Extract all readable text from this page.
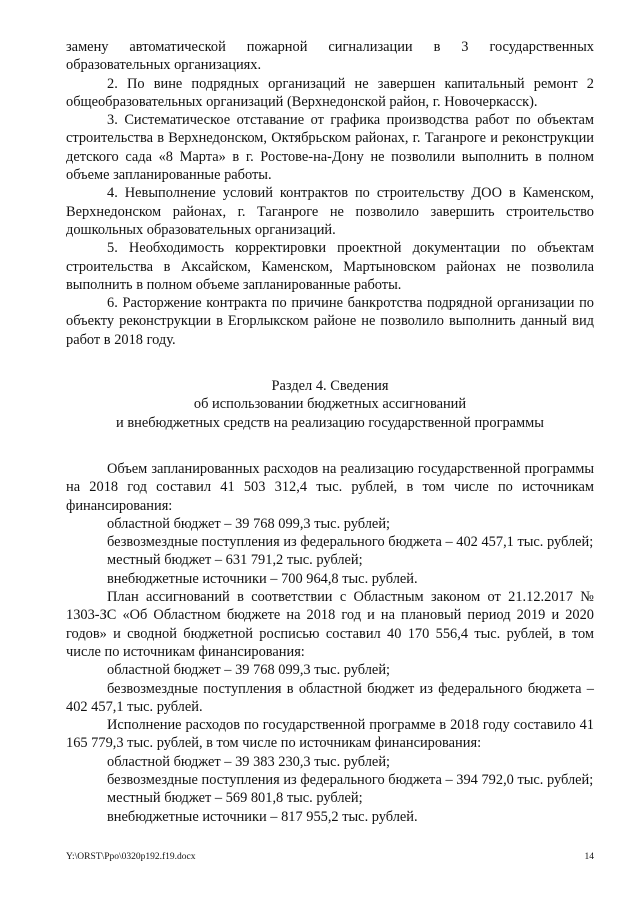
замену автоматической пожарной сигнализации в 3 государственных образовательных организациях.

2. По вине подрядных организаций не завершен капитальный ремонт 2 общеобразовательных организаций (Верхнедонской район, г. Новочеркасск).

3. Систематическое отставание от графика производства работ по объектам строительства в Верхнедонском, Октябрьском районах, г. Таганроге и реконструкции детского сада «8 Марта» в г. Ростове-на-Дону не позволили выполнить в полном объеме запланированные работы.

4. Невыполнение условий контрактов по строительству ДОО в Каменском, Верхнедонском районах, г. Таганроге не позволило завершить строительство дошкольных образовательных организаций.

5. Необходимость корректировки проектной документации по объектам строительства в Аксайском, Каменском, Мартыновском районах не позволила выполнить в полном объеме запланированные работы.

6. Расторжение контракта по причине банкротства подрядной организации по объекту реконструкции в Егорлыкском районе не позволило выполнить данный вид работ в 2018 году.

Раздел 4. Сведения
об использовании бюджетных ассигнований
и внебюджетных средств на реализацию государственной программы

Объем запланированных расходов на реализацию государственной программы на 2018 год составил 41 503 312,4 тыс. рублей, в том числе по источникам финансирования:

областной бюджет – 39 768 099,3 тыс. рублей;

безвозмездные поступления из федерального бюджета – 402 457,1 тыс. рублей;

местный бюджет – 631 791,2 тыс. рублей;

внебюджетные источники – 700 964,8 тыс. рублей.

План ассигнований в соответствии с Областным законом от 21.12.2017 № 1303-ЗС «Об Областном бюджете на 2018 год и на плановый период 2019 и 2020 годов» и сводной бюджетной росписью составил 40 170 556,4 тыс. рублей, в том числе по источникам финансирования:

областной бюджет – 39 768 099,3 тыс. рублей;

безвозмездные поступления в областной бюджет из федерального бюджета – 402 457,1 тыс. рублей.

Исполнение расходов по государственной программе в 2018 году составило 41 165 779,3 тыс. рублей, в том числе по источникам финансирования:

областной бюджет – 39 383 230,3 тыс. рублей;

безвозмездные поступления из федерального бюджета – 394 792,0 тыс. рублей;

местный бюджет – 569 801,8 тыс. рублей;

внебюджетные источники – 817 955,2 тыс. рублей.

Y:\ORST\Ppo\0320p192.f19.docx	14
